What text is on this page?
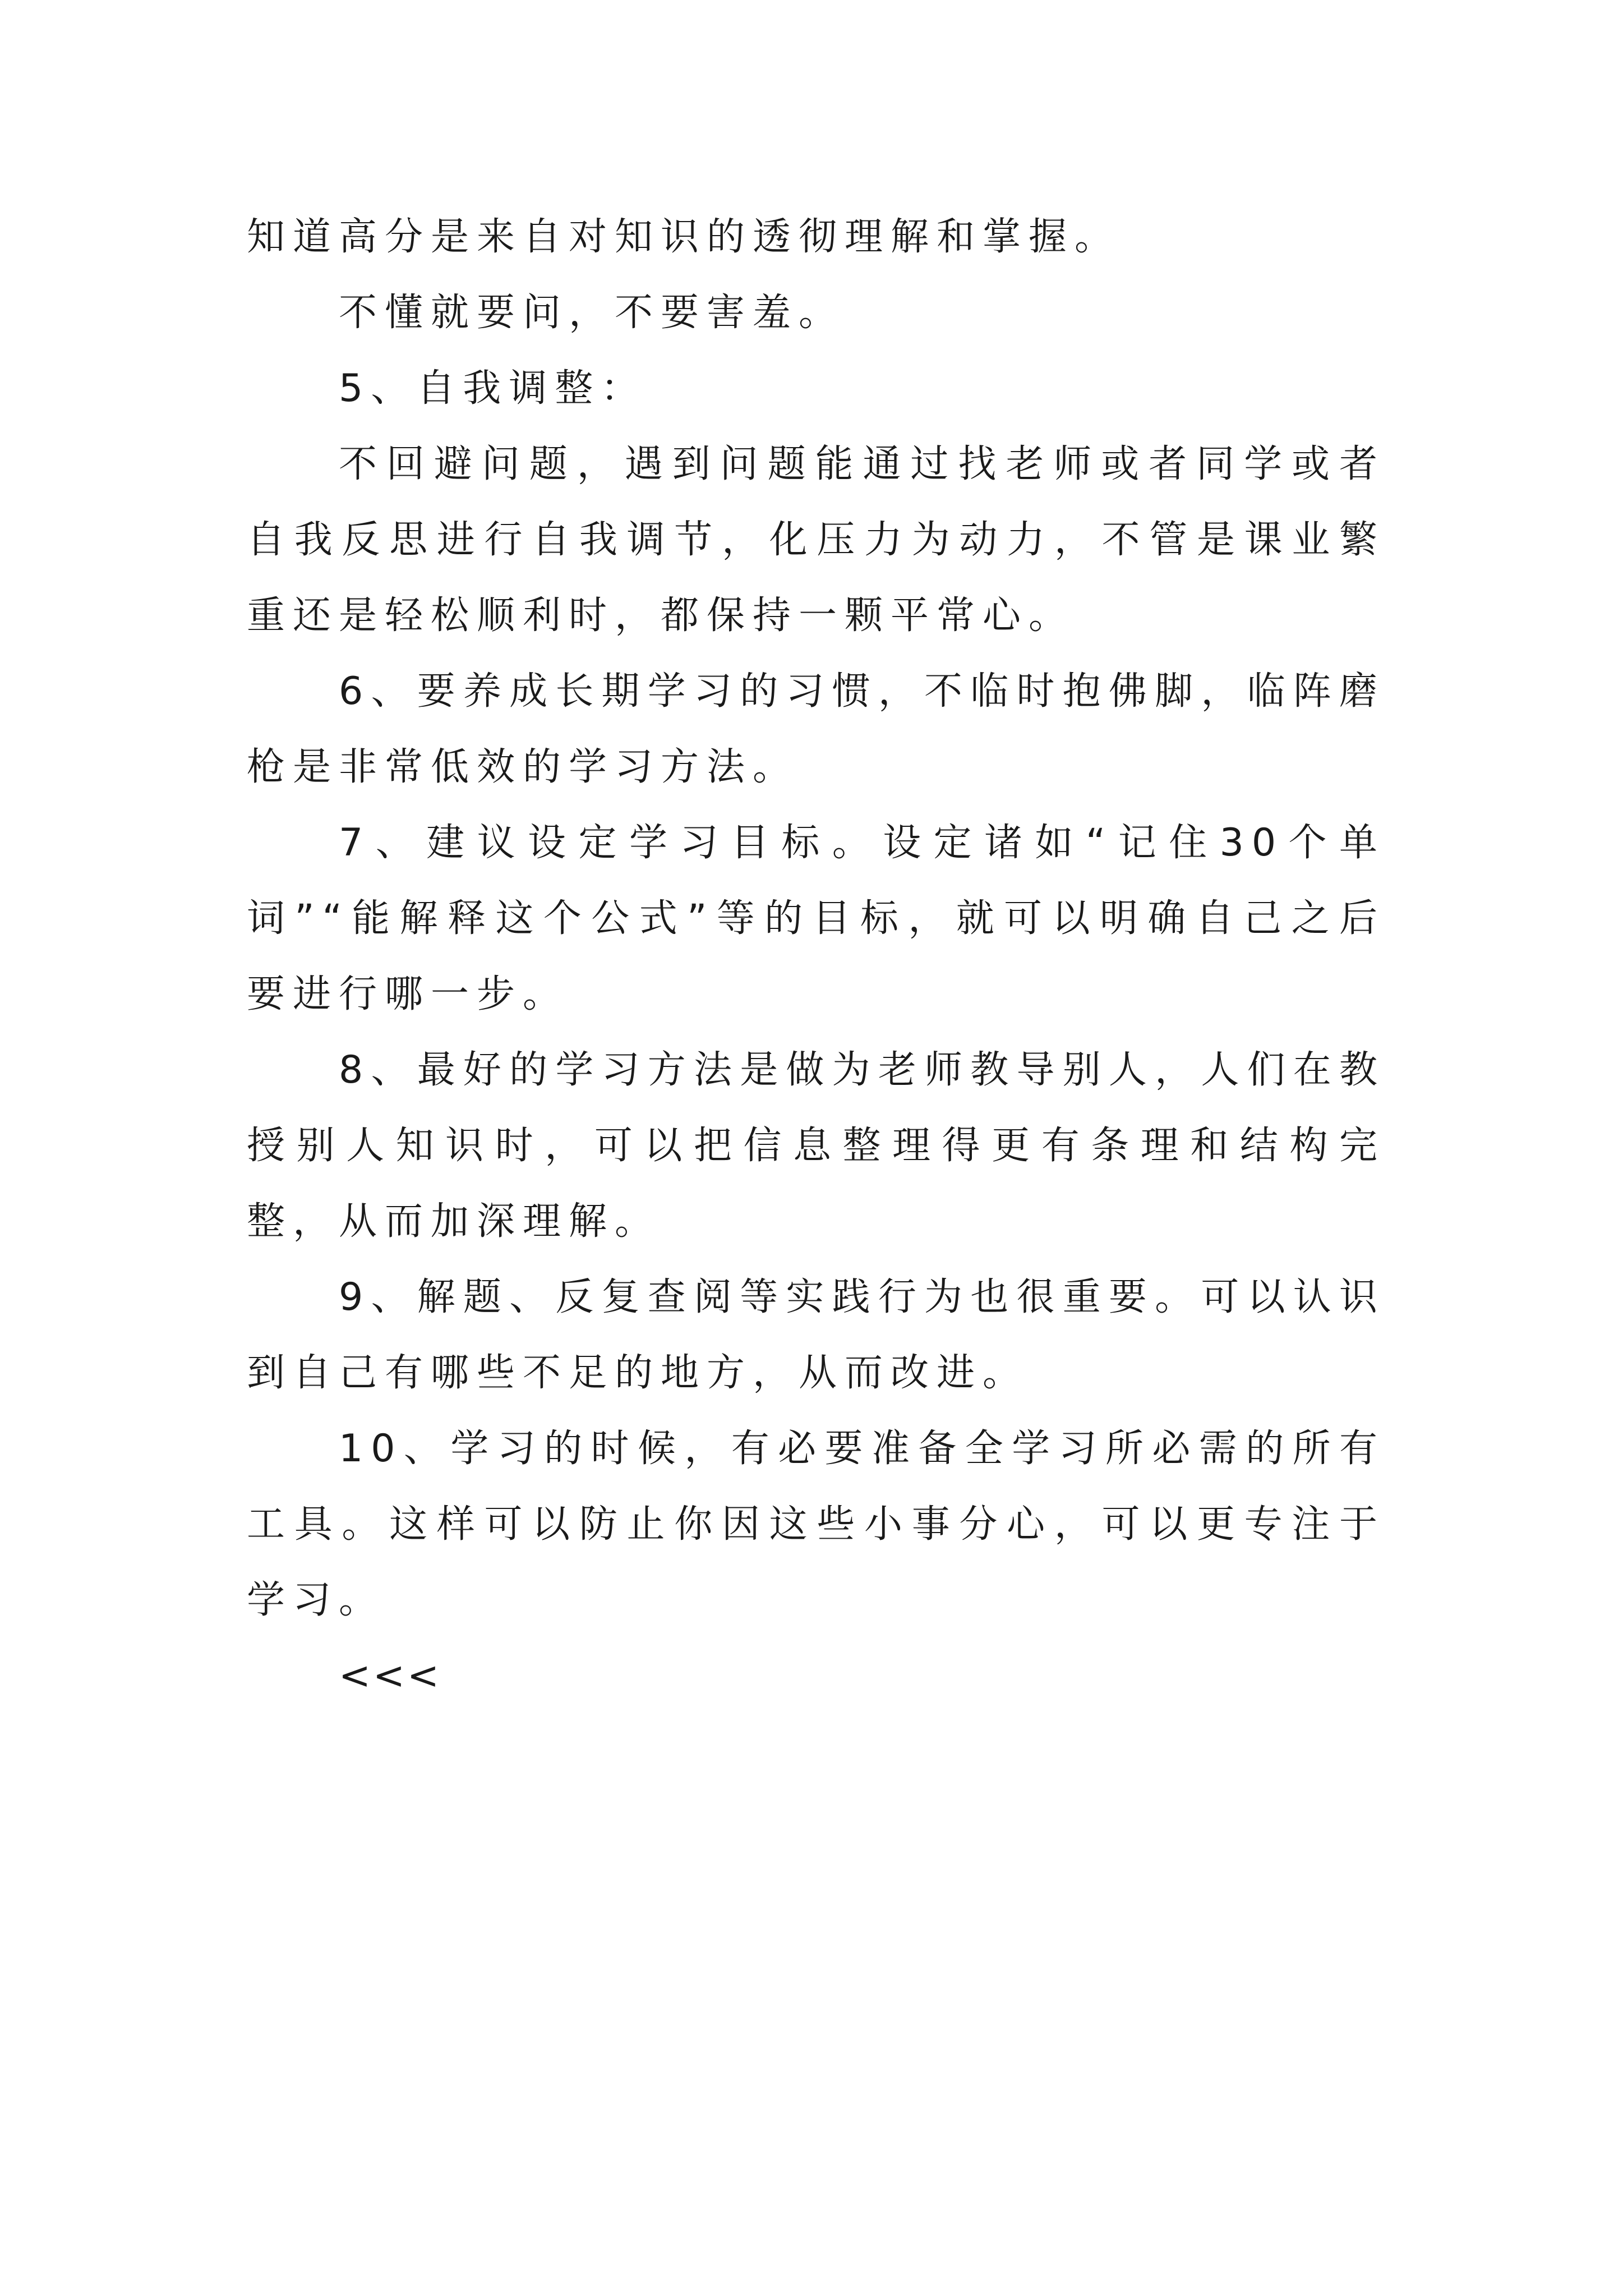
知道高分是来自对知识的透彻理解和掌握。

不懂就要问，不要害羞。

5、自我调整：

不回避问题，遇到问题能通过找老师或者同学或者自我反思进行自我调节，化压力为动力，不管是课业繁重还是轻松顺利时，都保持一颗平常心。

6、要养成长期学习的习惯，不临时抱佛脚，临阵磨枪是非常低效的学习方法。

7、建议设定学习目标。设定诸如“记住30个单词”“能解释这个公式”等的目标，就可以明确自己之后要进行哪一步。

8、最好的学习方法是做为老师教导别人，人们在教授别人知识时，可以把信息整理得更有条理和结构完整，从而加深理解。

9、解题、反复查阅等实践行为也很重要。可以认识到自己有哪些不足的地方，从而改进。

10、学习的时候，有必要准备全学习所必需的所有工具。这样可以防止你因这些小事分心，可以更专注于学习。

<<<
